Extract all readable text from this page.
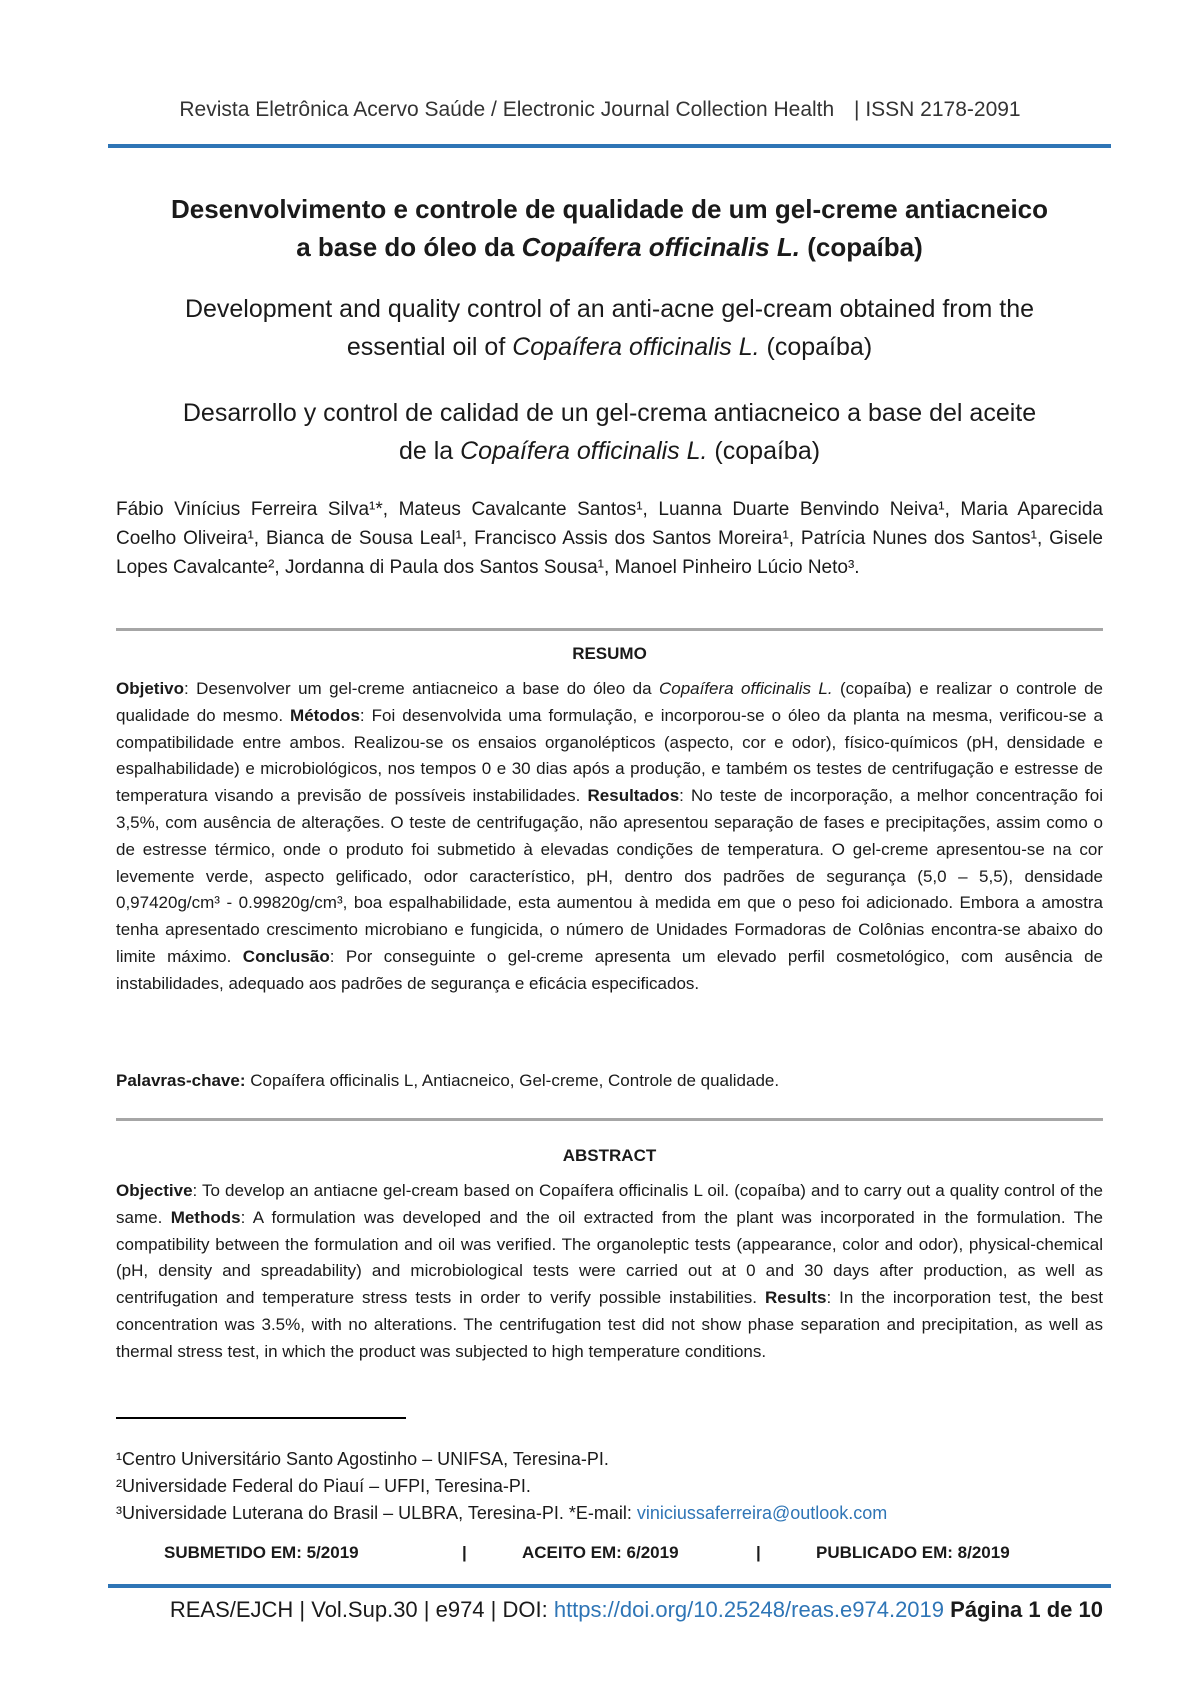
Revista Eletrônica Acervo Saúde / Electronic Journal Collection Health | ISSN 2178-2091
Desenvolvimento e controle de qualidade de um gel-creme antiacneico
a base do óleo da Copaífera officinalis L. (copaíba)
Development and quality control of an anti-acne gel-cream obtained from the
essential oil of Copaífera officinalis L. (copaíba)
Desarrollo y control de calidad de un gel-crema antiacneico a base del aceite
de la Copaífera officinalis L. (copaíba)
Fábio Vinícius Ferreira Silva¹*, Mateus Cavalcante Santos¹, Luanna Duarte Benvindo Neiva¹, Maria Aparecida Coelho Oliveira¹, Bianca de Sousa Leal¹, Francisco Assis dos Santos Moreira¹, Patrícia Nunes dos Santos¹, Gisele Lopes Cavalcante², Jordanna di Paula dos Santos Sousa¹, Manoel Pinheiro Lúcio Neto³.
RESUMO
Objetivo: Desenvolver um gel-creme antiacneico a base do óleo da Copaífera officinalis L. (copaíba) e realizar o controle de qualidade do mesmo. Métodos: Foi desenvolvida uma formulação, e incorporou-se o óleo da planta na mesma, verificou-se a compatibilidade entre ambos. Realizou-se os ensaios organolépticos (aspecto, cor e odor), físico-químicos (pH, densidade e espalhabilidade) e microbiológicos, nos tempos 0 e 30 dias após a produção, e também os testes de centrifugação e estresse de temperatura visando a previsão de possíveis instabilidades. Resultados: No teste de incorporação, a melhor concentração foi 3,5%, com ausência de alterações. O teste de centrifugação, não apresentou separação de fases e precipitações, assim como o de estresse térmico, onde o produto foi submetido à elevadas condições de temperatura. O gel-creme apresentou-se na cor levemente verde, aspecto gelificado, odor característico, pH, dentro dos padrões de segurança (5,0 – 5,5), densidade 0,97420g/cm³ - 0.99820g/cm³, boa espalhabilidade, esta aumentou à medida em que o peso foi adicionado. Embora a amostra tenha apresentado crescimento microbiano e fungicida, o número de Unidades Formadoras de Colônias encontra-se abaixo do limite máximo. Conclusão: Por conseguinte o gel-creme apresenta um elevado perfil cosmetológico, com ausência de instabilidades, adequado aos padrões de segurança e eficácia especificados.
Palavras-chave: Copaífera officinalis L, Antiacneico, Gel-creme, Controle de qualidade.
ABSTRACT
Objective: To develop an antiacne gel-cream based on Copaífera officinalis L oil. (copaíba) and to carry out a quality control of the same. Methods: A formulation was developed and the oil extracted from the plant was incorporated in the formulation. The compatibility between the formulation and oil was verified. The organoleptic tests (appearance, color and odor), physical-chemical (pH, density and spreadability) and microbiological tests were carried out at 0 and 30 days after production, as well as centrifugation and temperature stress tests in order to verify possible instabilities. Results: In the incorporation test, the best concentration was 3.5%, with no alterations. The centrifugation test did not show phase separation and precipitation, as well as thermal stress test, in which the product was subjected to high temperature conditions.
¹Centro Universitário Santo Agostinho – UNIFSA, Teresina-PI.
²Universidade Federal do Piauí – UFPI, Teresina-PI.
³Universidade Luterana do Brasil – ULBRA, Teresina-PI. *E-mail: viniciussaferreira@outlook.com
SUBMETIDO EM: 5/2019	|	ACEITO EM: 6/2019	|	PUBLICADO EM: 8/2019
REAS/EJCH | Vol.Sup.30 | e974 | DOI: https://doi.org/10.25248/reas.e974.2019 Página 1 de 10
